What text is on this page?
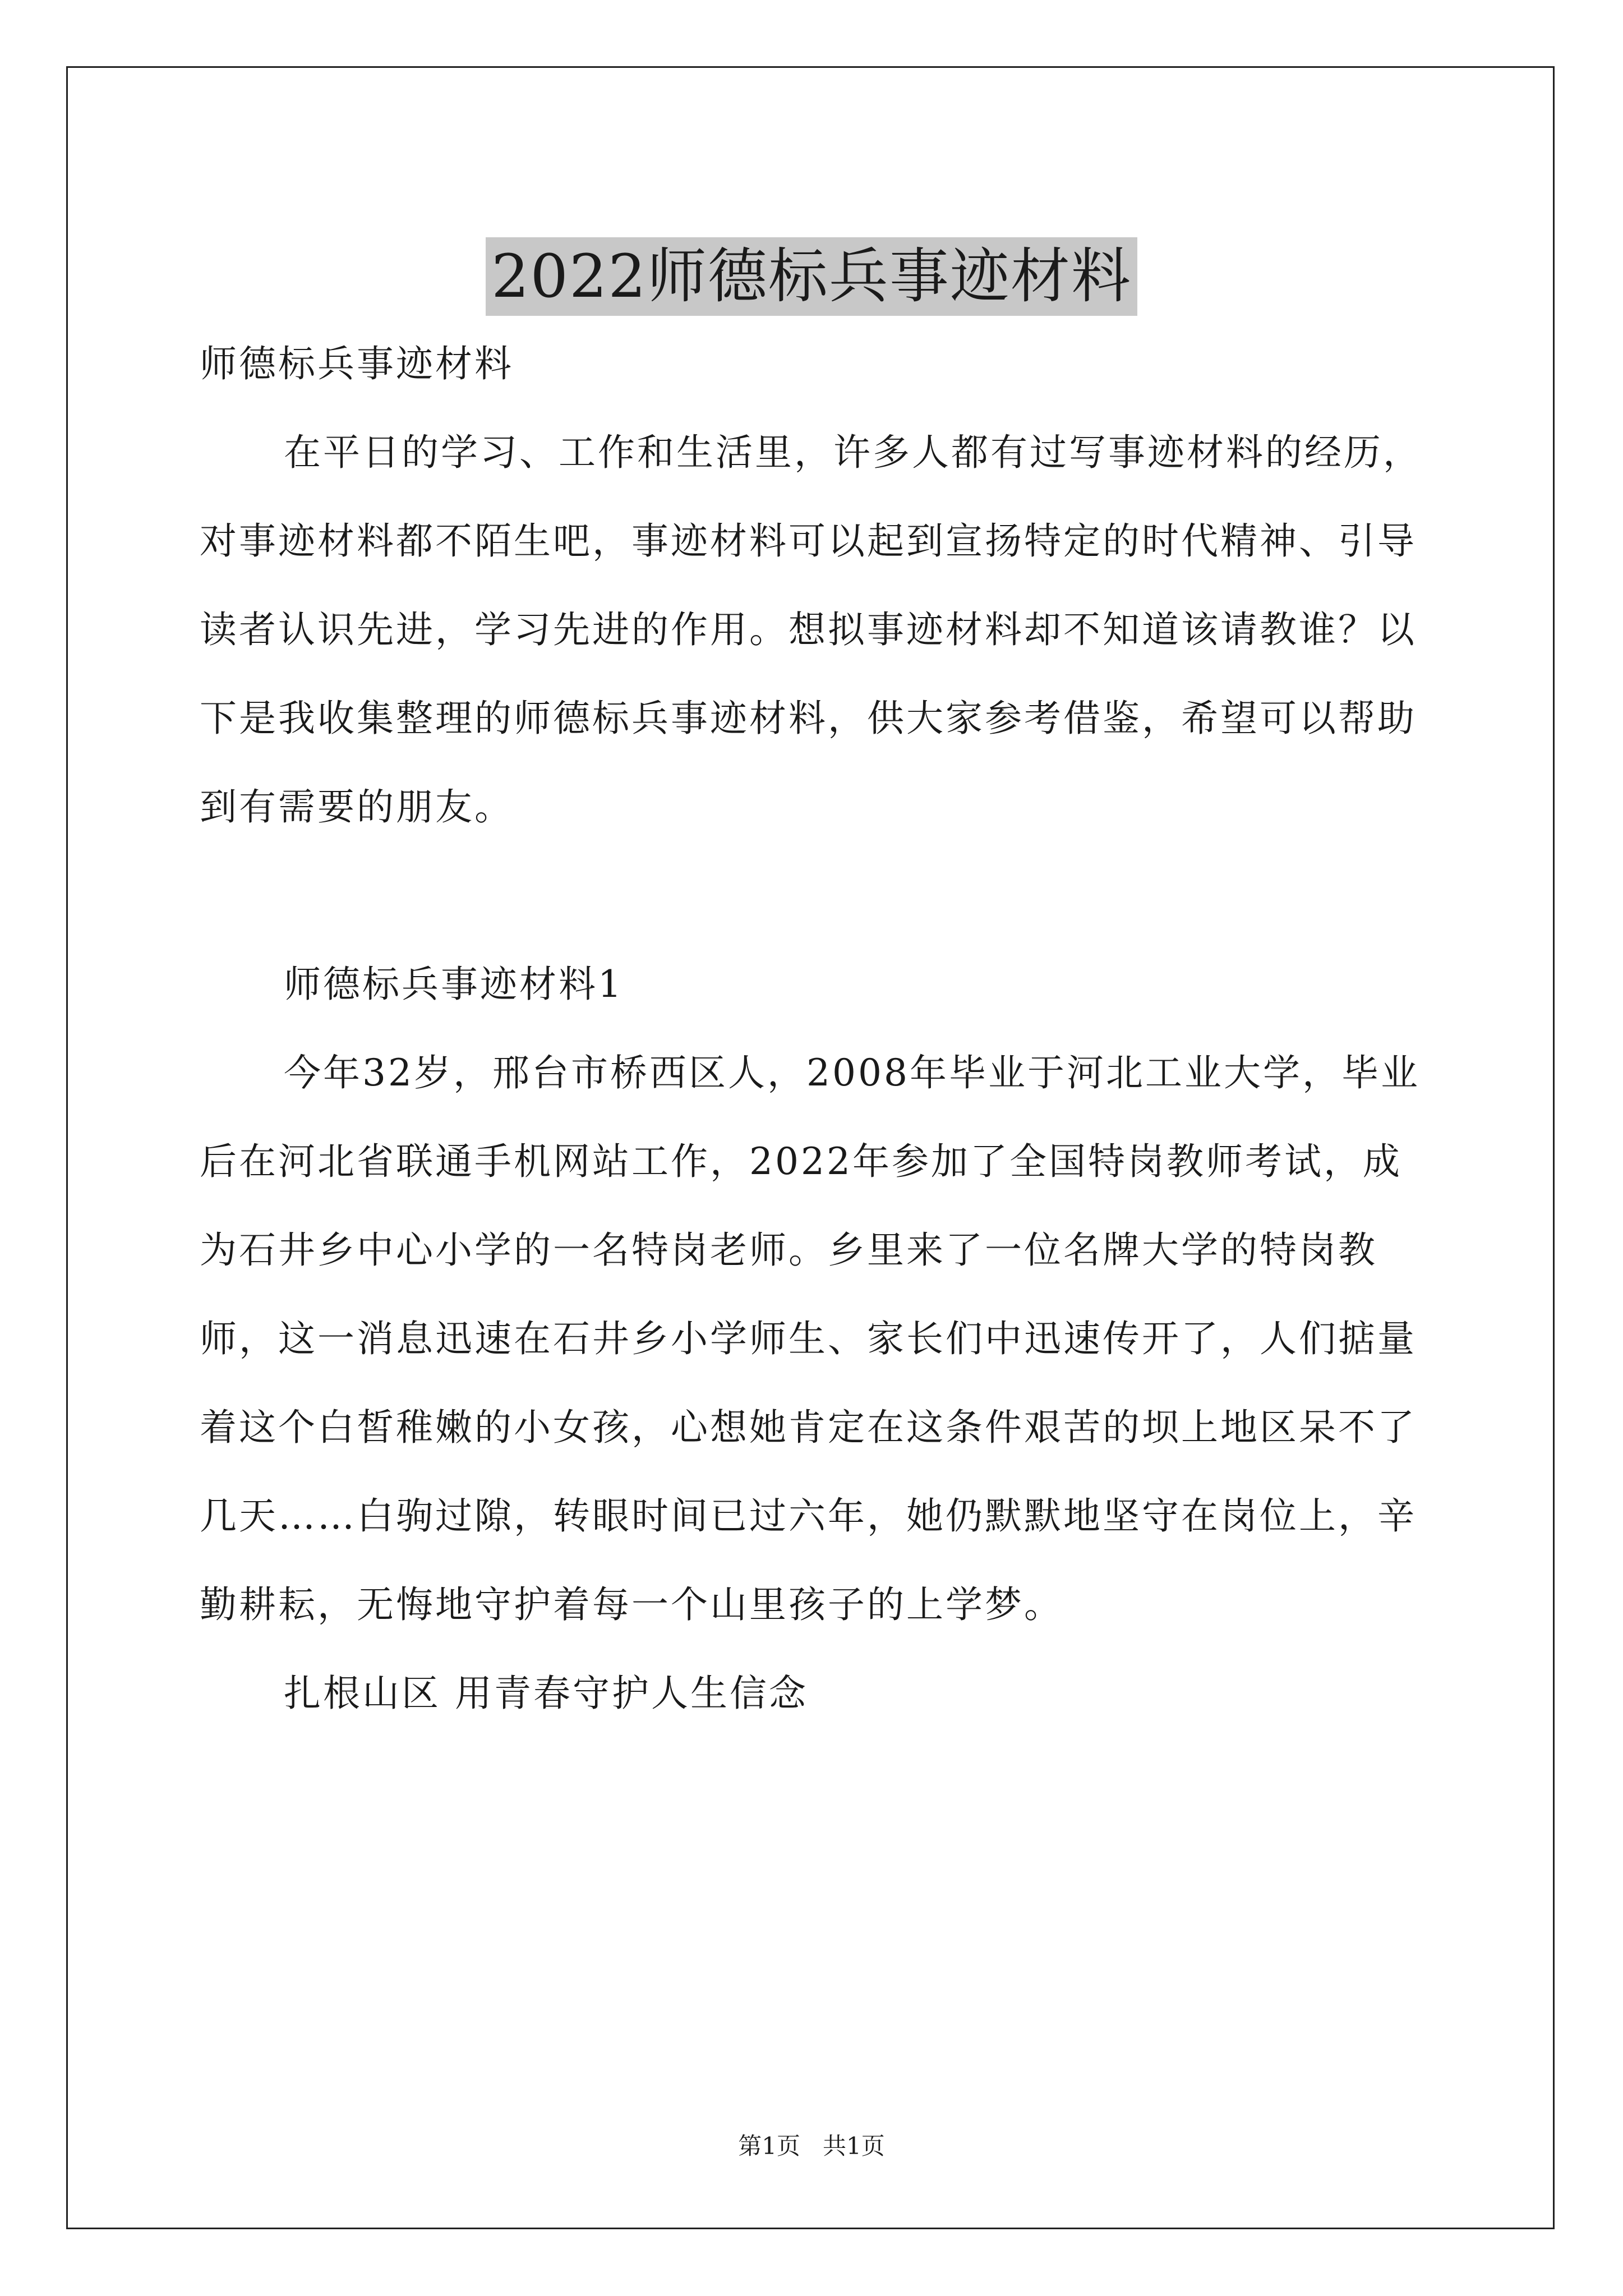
2022师德标兵事迹材料

师德标兵事迹材料

在平日的学习、工作和生活里，许多人都有过写事迹材料的经历，对事迹材料都不陌生吧，事迹材料可以起到宣扬特定的时代精神、引导读者认识先进，学习先进的作用。想拟事迹材料却不知道该请教谁？以下是我收集整理的师德标兵事迹材料，供大家参考借鉴，希望可以帮助到有需要的朋友。

师德标兵事迹材料1

今年32岁，邢台市桥西区人，2008年毕业于河北工业大学，毕业后在河北省联通手机网站工作，2022年参加了全国特岗教师考试，成为石井乡中心小学的一名特岗老师。乡里来了一位名牌大学的特岗教师，这一消息迅速在石井乡小学师生、家长们中迅速传开了，人们掂量着这个白皙稚嫩的小女孩，心想她肯定在这条件艰苦的坝上地区呆不了几天……白驹过隙，转眼时间已过六年，她仍默默地坚守在岗位上，辛勤耕耘，无悔地守护着每一个山里孩子的上学梦。

扎根山区 用青春守护人生信念

第1页   共1页
